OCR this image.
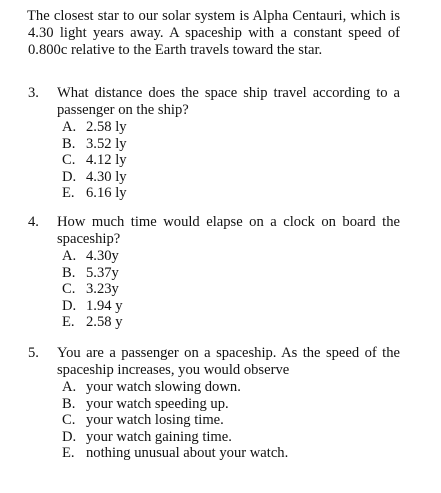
The closest star to our solar system is Alpha Centauri, which is 4.30 light years away. A spaceship with a constant speed of 0.800c relative to the Earth travels toward the star.
3. What distance does the space ship travel according to a passenger on the ship?
A. 2.58 ly
B. 3.52 ly
C. 4.12 ly
D. 4.30 ly
E. 6.16 ly
4. How much time would elapse on a clock on board the spaceship?
A. 4.30y
B. 5.37y
C. 3.23y
D. 1.94 y
E. 2.58 y
5. You are a passenger on a spaceship. As the speed of the spaceship increases, you would observe
A. your watch slowing down.
B. your watch speeding up.
C. your watch losing time.
D. your watch gaining time.
E. nothing unusual about your watch.
